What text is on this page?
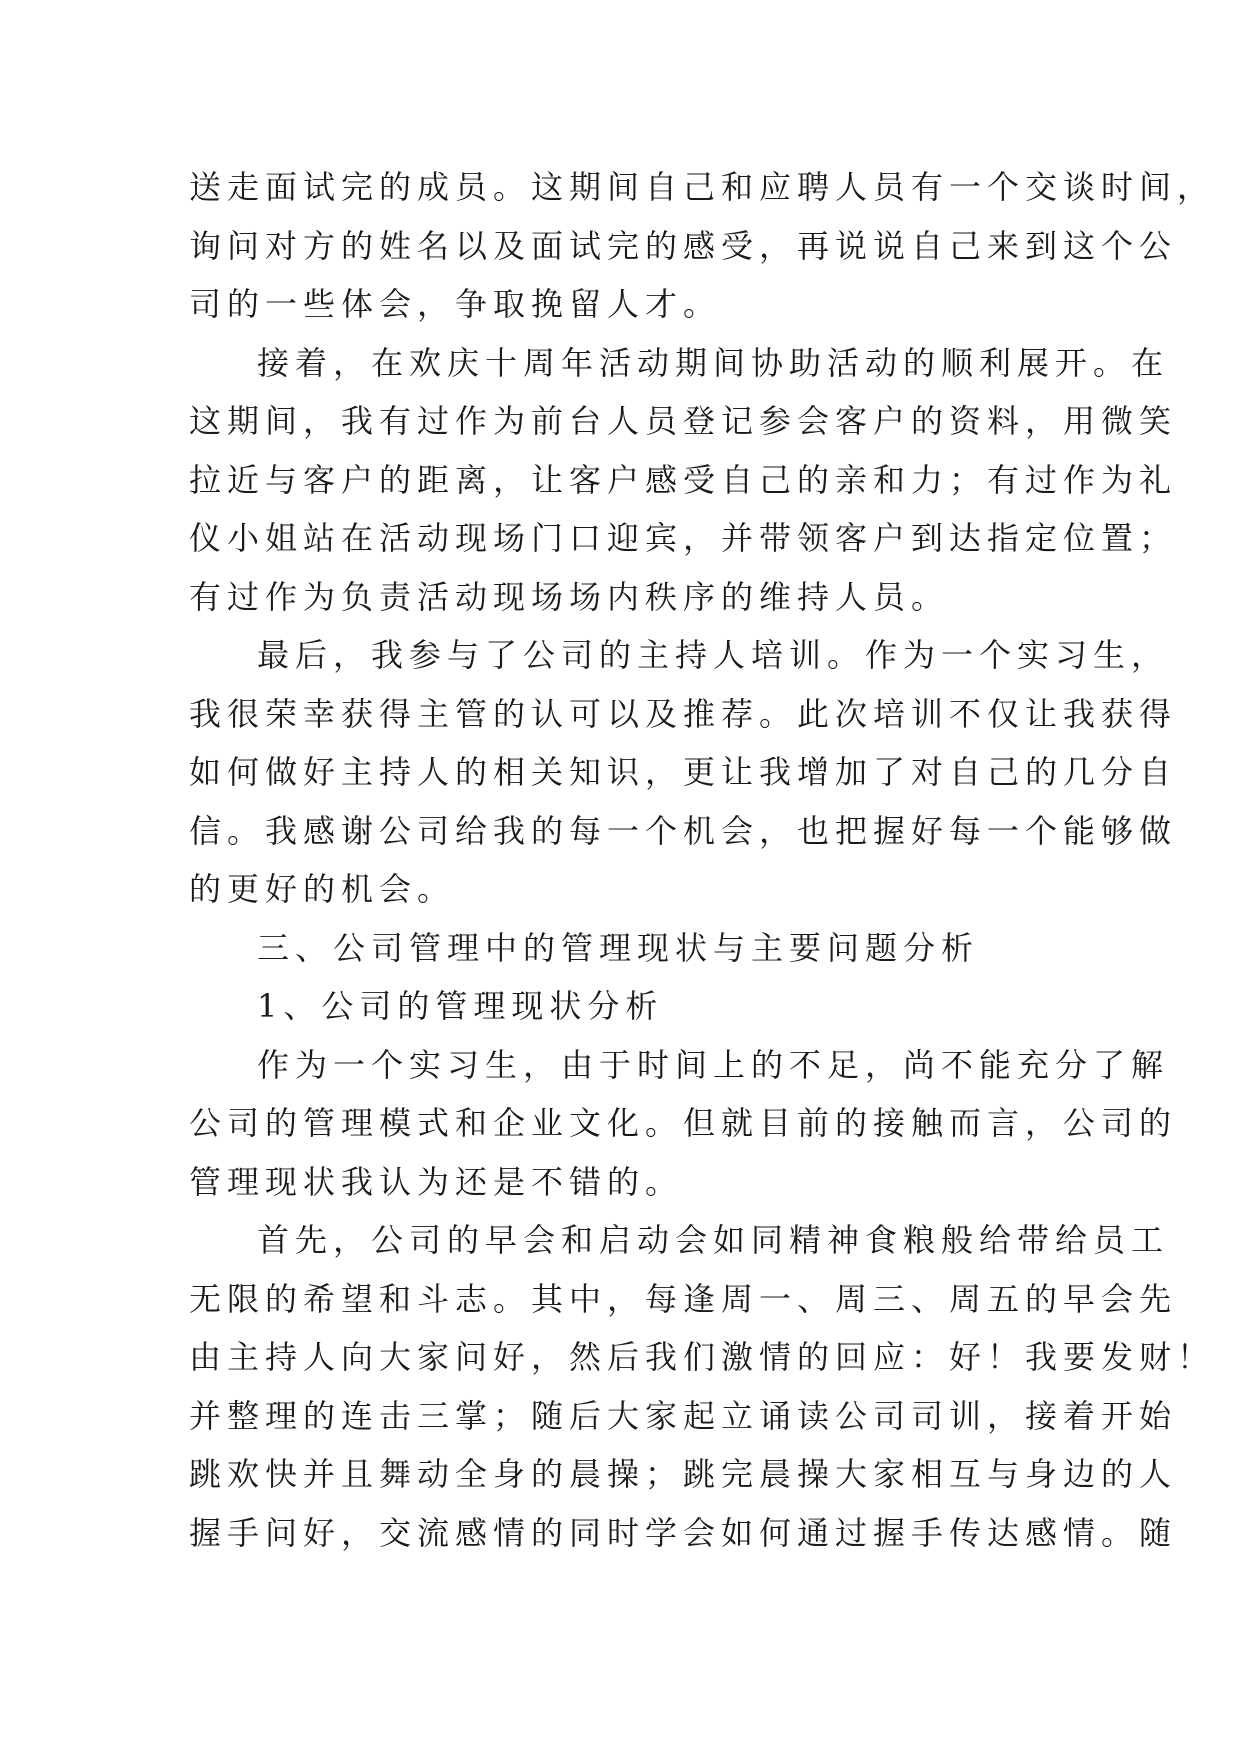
送走面试完的成员。这期间自己和应聘人员有一个交谈时间，
询问对方的姓名以及面试完的感受，再说说自己来到这个公
司的一些体会，争取挽留人才。
接着，在欢庆十周年活动期间协助活动的顺利展开。在
这期间，我有过作为前台人员登记参会客户的资料，用微笑
拉近与客户的距离，让客户感受自己的亲和力；有过作为礼
仪小姐站在活动现场门口迎宾，并带领客户到达指定位置；
有过作为负责活动现场场内秩序的维持人员。
最后，我参与了公司的主持人培训。作为一个实习生，
我很荣幸获得主管的认可以及推荐。此次培训不仅让我获得
如何做好主持人的相关知识，更让我增加了对自己的几分自
信。我感谢公司给我的每一个机会，也把握好每一个能够做
的更好的机会。
三、公司管理中的管理现状与主要问题分析
1、公司的管理现状分析
作为一个实习生，由于时间上的不足，尚不能充分了解
公司的管理模式和企业文化。但就目前的接触而言，公司的
管理现状我认为还是不错的。
首先，公司的早会和启动会如同精神食粮般给带给员工
无限的希望和斗志。其中，每逢周一、周三、周五的早会先
由主持人向大家问好，然后我们激情的回应：好！我要发财！
并整理的连击三掌；随后大家起立诵读公司司训，接着开始
跳欢快并且舞动全身的晨操；跳完晨操大家相互与身边的人
握手问好，交流感情的同时学会如何通过握手传达感情。随
